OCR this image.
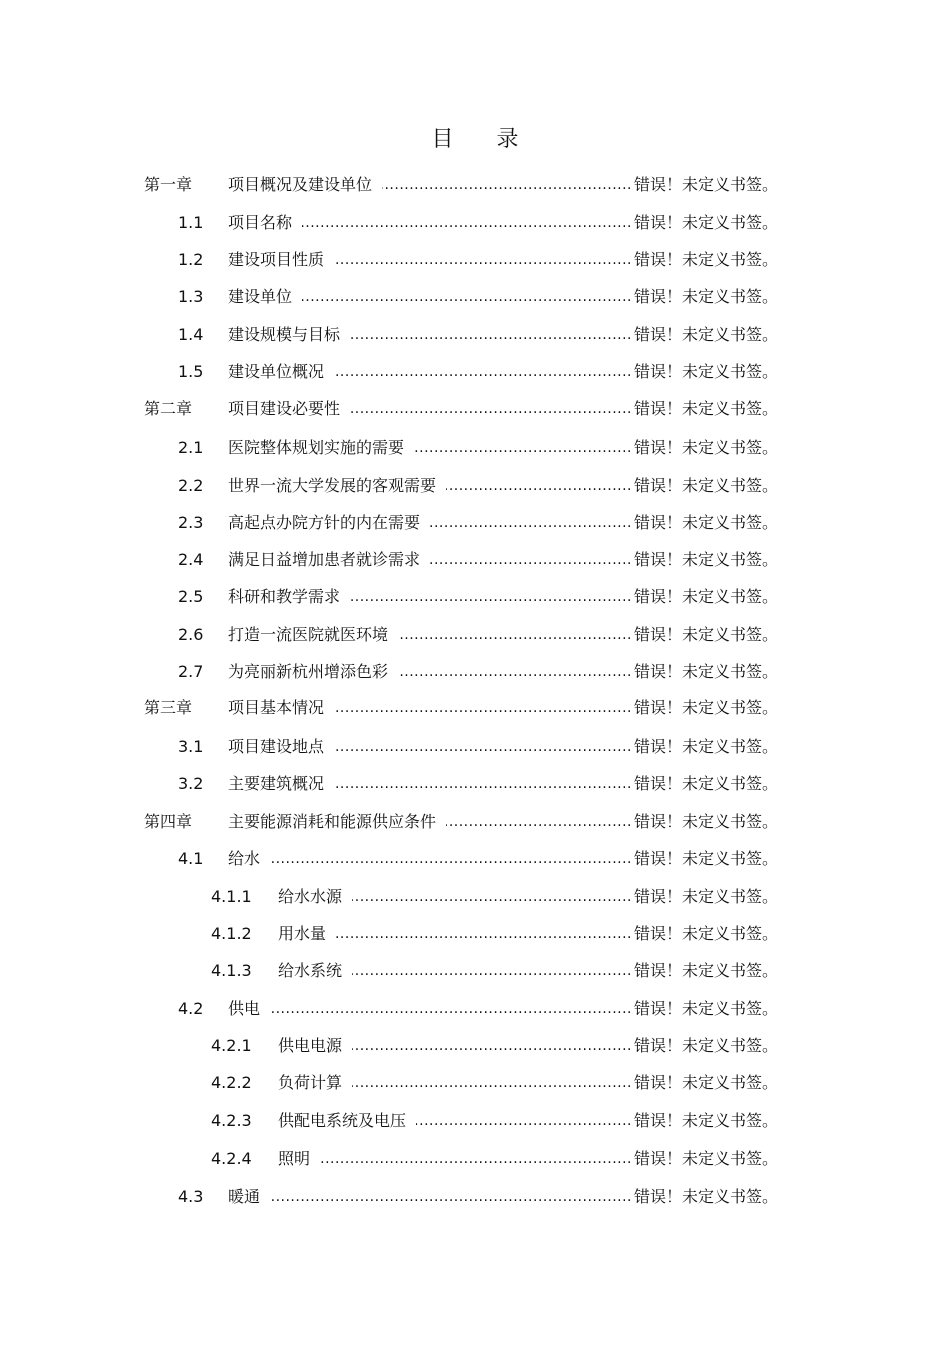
目 录
第一章 项目概况及建设单位	错误！未定义书签。
.....
1.1 项目名称	错误！未定义书签。
.....
1.2 建设项目性质	错误！未定义书签。
.....
1.3 建设单位	错误！未定义书签。
.....
1.4 建设规模与目标	错误！未定义书签。
.....
1.5 建设单位概况	错误！未定义书签。
.....
第二章 项目建设必要性	错误！未定义书签。
.....
2.1 医院整体规划实施的需要	错误！未定义书签。
.....
2.2 世界一流大学发展的客观需要	错误！未定义书签。
.....
2.3 高起点办院方针的内在需要	错误！未定义书签。
.....
2.4 满足日益增加患者就诊需求	错误！未定义书签。
.....
2.5 科研和教学需求	错误！未定义书签。
.....
2.6 打造一流医院就医环境	错误！未定义书签。
.....
2.7 为亮丽新杭州增添色彩	错误！未定义书签。
.....
第三章 项目基本情况	错误！未定义书签。
.....
3.1 项目建设地点	错误！未定义书签。
.....
3.2 主要建筑概况	错误！未定义书签。
.....
第四章 主要能源消耗和能源供应条件	错误！未定义书签。
.....
4.1 给水	错误！未定义书签。
.....
4.1.1 给水水源	错误！未定义书签。
.....
4.1.2 用水量	错误！未定义书签。
.....
4.1.3 给水系统	错误！未定义书签。
.....
4.2 供电	错误！未定义书签。
.....
4.2.1 供电电源	错误！未定义书签。
.....
4.2.2 负荷计算	错误！未定义书签。
.....
4.2.3 供配电系统及电压	错误！未定义书签。
.....
4.2.4 照明	错误！未定义书签。
.....
4.3 暖通	错误！未定义书签。
.....
